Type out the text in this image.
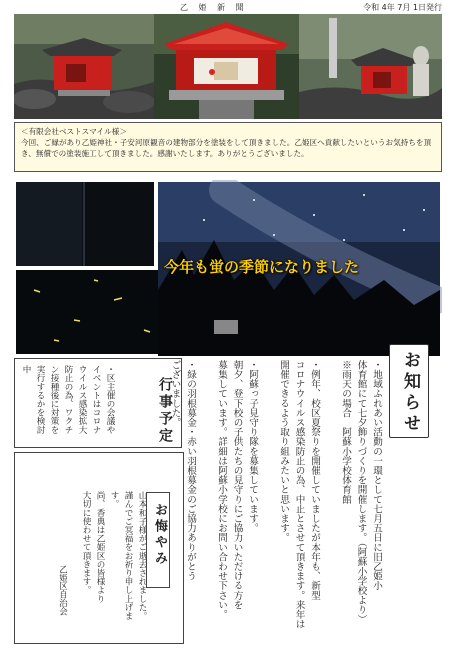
乙 姫 新 聞	令和 4年 7月 1日発行

＜有限会社ベストスマイル様＞

今回、ご縁があり乙姫神社・子安河原観音の建物部分を塗装をして頂きました。乙姫区へ貢献したいというお気持ちを頂き、無償での塗装施工して頂きました。感謝いたします。ありがとうございました。

今年も蛍の季節になりました
お知らせ
・地域ふれあい活動の一環として七月五日に旧乙姫小
体育館にて七夕飾りづくりを開催します。（阿蘇小学校より）
※雨天の場合　阿蘇小学校体育館

・例年、校区夏祭りを開催していましたが本年も、新型
コロナウイルス感染防止の為、中止とさせて頂きます。来年は
開催できるよう取り組みたいと思います。

・阿蘇っ子見守り隊を募集しています。
朝夕、登下校の子供たちの見守りにご協力いただける方を
募集しています。詳細は阿蘇小学校にお問い合わせ下さい。

・緑の羽根募金・赤い羽根募金のご協力ありがとう
ございました。
行事予定
・区主催の会議や
イベントはコロナ
ウイルス感染拡大
防止の為、ワクチ
ン接種後に対策を
実行するかを検討
中
山本和子様がご逝去されました。
謹んでご冥福をお祈り申し上げます。
尚、香典は乙姫区の皆様より
大切に使わせて頂きます。
乙姫区自治会
お悔やみ
